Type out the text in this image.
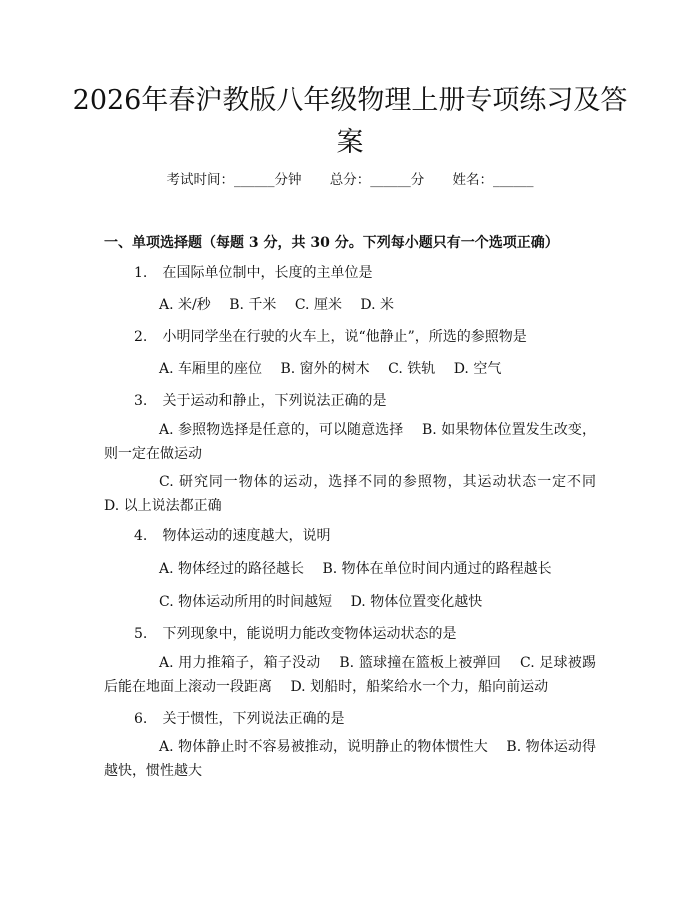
2026年春沪教版八年级物理上册专项练习及答案
考试时间：______分钟 总分：______分 姓名：______
一、单项选择题（每题 3 分，共 30 分。下列每小题只有一个选项正确）
1. 在国际单位制中，长度的主单位是
A. 米/秒 B. 千米 C. 厘米 D. 米
2. 小明同学坐在行驶的火车上，说“他静止”，所选的参照物是
A. 车厢里的座位 B. 窗外的树木 C. 铁轨 D. 空气
3. 关于运动和静止，下列说法正确的是
A. 参照物选择是任意的，可以随意选择　 B. 如果物体位置发生改变，则一定在做运动
C. 研究同一物体的运动，选择不同的参照物，其运动状态一定不同　 D. 以上说法都正确
4. 物体运动的速度越大，说明
A. 物体经过的路径越长 B. 物体在单位时间内通过的路程越长
C. 物体运动所用的时间越短 D. 物体位置变化越快
5. 下列现象中，能说明力能改变物体运动状态的是
A. 用力推箱子，箱子没动　 B. 篮球撞在篮板上被弹回　 C. 足球被踢后能在地面上滚动一段距离　 D. 划船时，船桨给水一个力，船向前运动
6. 关于惯性，下列说法正确的是
A. 物体静止时不容易被推动，说明静止的物体惯性大　 B. 物体运动得越快，惯性越大
